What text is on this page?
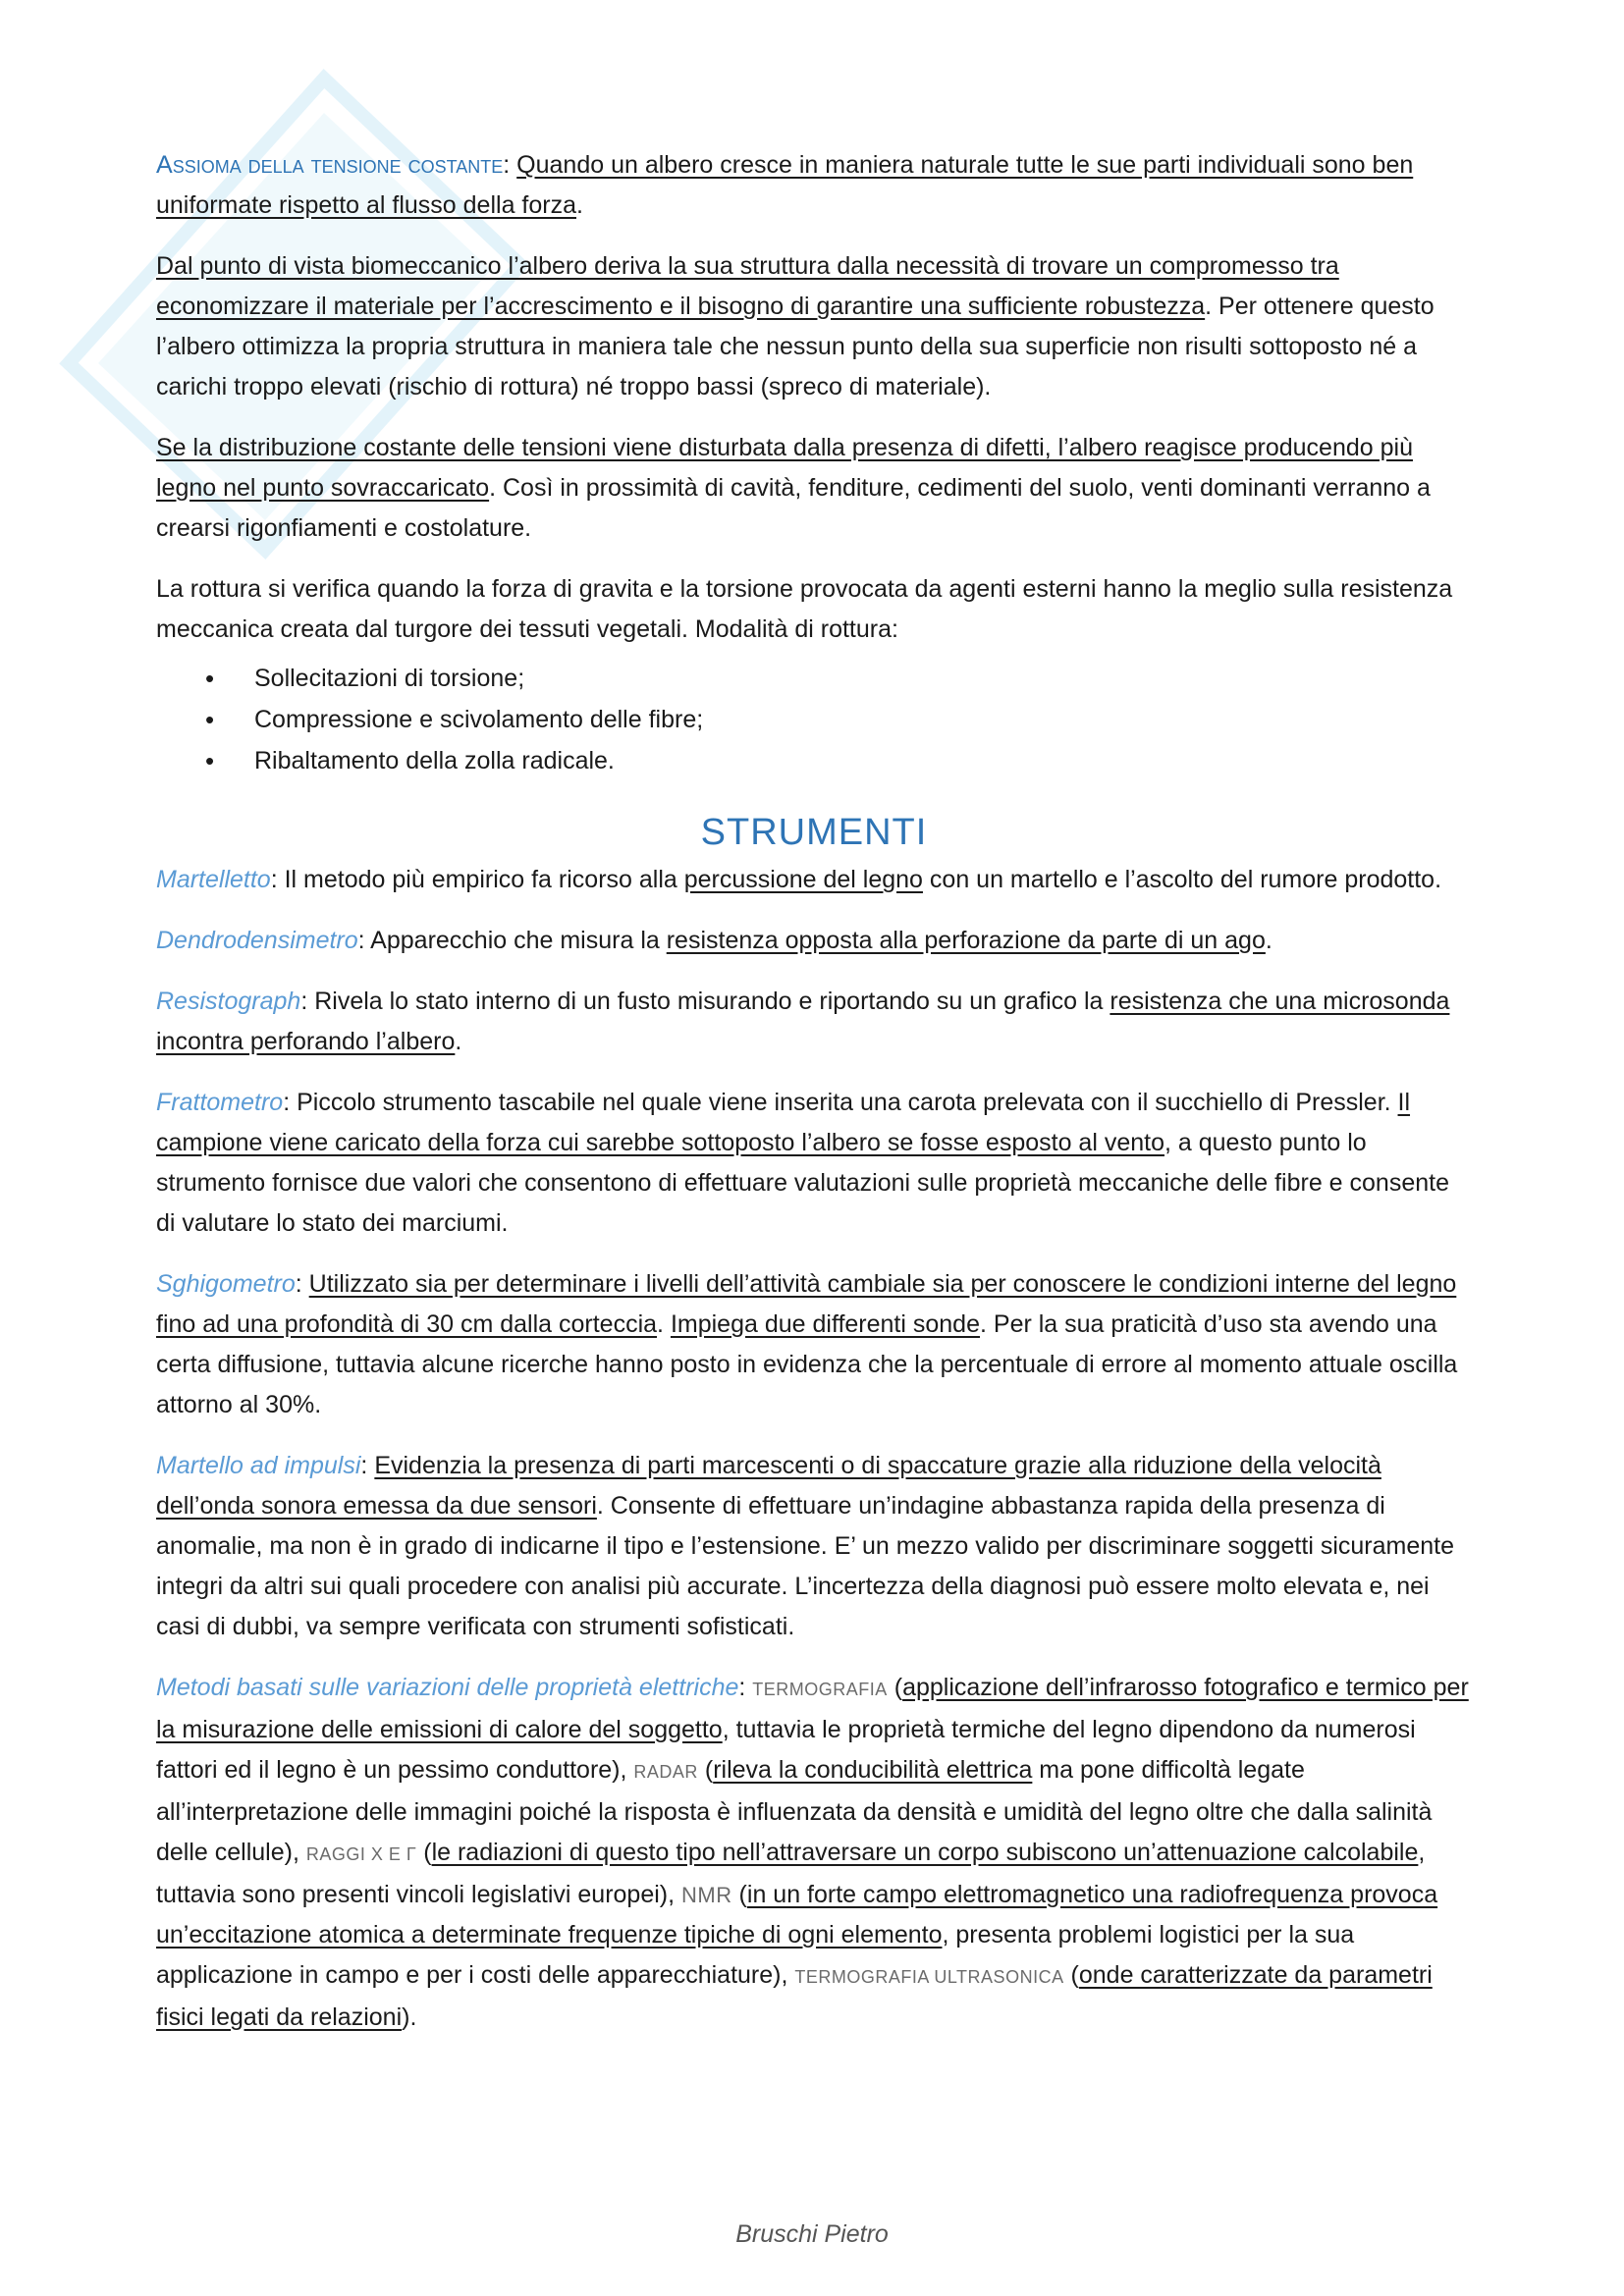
Assioma della tensione costante: Quando un albero cresce in maniera naturale tutte le sue parti individuali sono ben uniformate rispetto al flusso della forza.

Dal punto di vista biomeccanico l’albero deriva la sua struttura dalla necessità di trovare un compromesso tra economizzare il materiale per l’accrescimento e il bisogno di garantire una sufficiente robustezza. Per ottenere questo l’albero ottimizza la propria struttura in maniera tale che nessun punto della sua superficie non risulti sottoposto né a carichi troppo elevati (rischio di rottura) né troppo bassi (spreco di materiale).

Se la distribuzione costante delle tensioni viene disturbata dalla presenza di difetti, l’albero reagisce producendo più legno nel punto sovraccaricato. Così in prossimità di cavità, fenditure, cedimenti del suolo, venti dominanti verranno a crearsi rigonfiamenti e costolature.

La rottura si verifica quando la forza di gravita e la torsione provocata da agenti esterni hanno la meglio sulla resistenza meccanica creata dal turgore dei tessuti vegetali. Modalità di rottura:

• Sollecitazioni di torsione;
• Compressione e scivolamento delle fibre;
• Ribaltamento della zolla radicale.
STRUMENTI

Martelletto: Il metodo più empirico fa ricorso alla percussione del legno con un martello e l’ascolto del rumore prodotto.

Dendrodensimetro: Apparecchio che misura la resistenza opposta alla perforazione da parte di un ago.

Resistograph: Rivela lo stato interno di un fusto misurando e riportando su un grafico la resistenza che una microsonda incontra perforando l’albero.

Frattometro: Piccolo strumento tascabile nel quale viene inserita una carota prelevata con il succhiello di Pressler. Il campione viene caricato della forza cui sarebbe sottoposto l’albero se fosse esposto al vento, a questo punto lo strumento fornisce due valori che consentono di effettuare valutazioni sulle proprietà meccaniche delle fibre e consente di valutare lo stato dei marciumi.

Sghigometro: Utilizzato sia per determinare i livelli dell’attività cambiale sia per conoscere le condizioni interne del legno fino ad una profondità di 30 cm dalla corteccia. Impiega due differenti sonde. Per la sua praticità d’uso sta avendo una certa diffusione, tuttavia alcune ricerche hanno posto in evidenza che la percentuale di errore al momento attuale oscilla attorno al 30%.

Martello ad impulsi: Evidenzia la presenza di parti marcescenti o di spaccature grazie alla riduzione della velocità dell’onda sonora emessa da due sensori. Consente di effettuare un’indagine abbastanza rapida della presenza di anomalie, ma non è in grado di indicarne il tipo e l’estensione. E’ un mezzo valido per discriminare soggetti sicuramente integri da altri sui quali procedere con analisi più accurate. L’incertezza della diagnosi può essere molto elevata e, nei casi di dubbi, va sempre verificata con strumenti sofisticati.

Metodi basati sulle variazioni delle proprietà elettriche: TERMOGRAFIA (applicazione dell’infrarosso fotografico e termico per la misurazione delle emissioni di calore del soggetto, tuttavia le proprietà termiche del legno dipendono da numerosi fattori ed il legno è un pessimo conduttore), RADAR (rileva la conducibilità elettrica ma pone difficoltà legate all’interpretazione delle immagini poiché la risposta è influenzata da densità e umidità del legno oltre che dalla salinità delle cellule), RAGGI X E Γ (le radiazioni di questo tipo nell’attraversare un corpo subiscono un’attenuazione calcolabile, tuttavia sono presenti vincoli legislativi europei), NMR (in un forte campo elettromagnetico una radiofrequenza provoca un’eccitazione atomica a determinate frequenze tipiche di ogni elemento, presenta problemi logistici per la sua applicazione in campo e per i costi delle apparecchiature), TERMOGRAFIA ULTRASONICA (onde caratterizzate da parametri fisici legati da relazioni).

Bruschi Pietro
